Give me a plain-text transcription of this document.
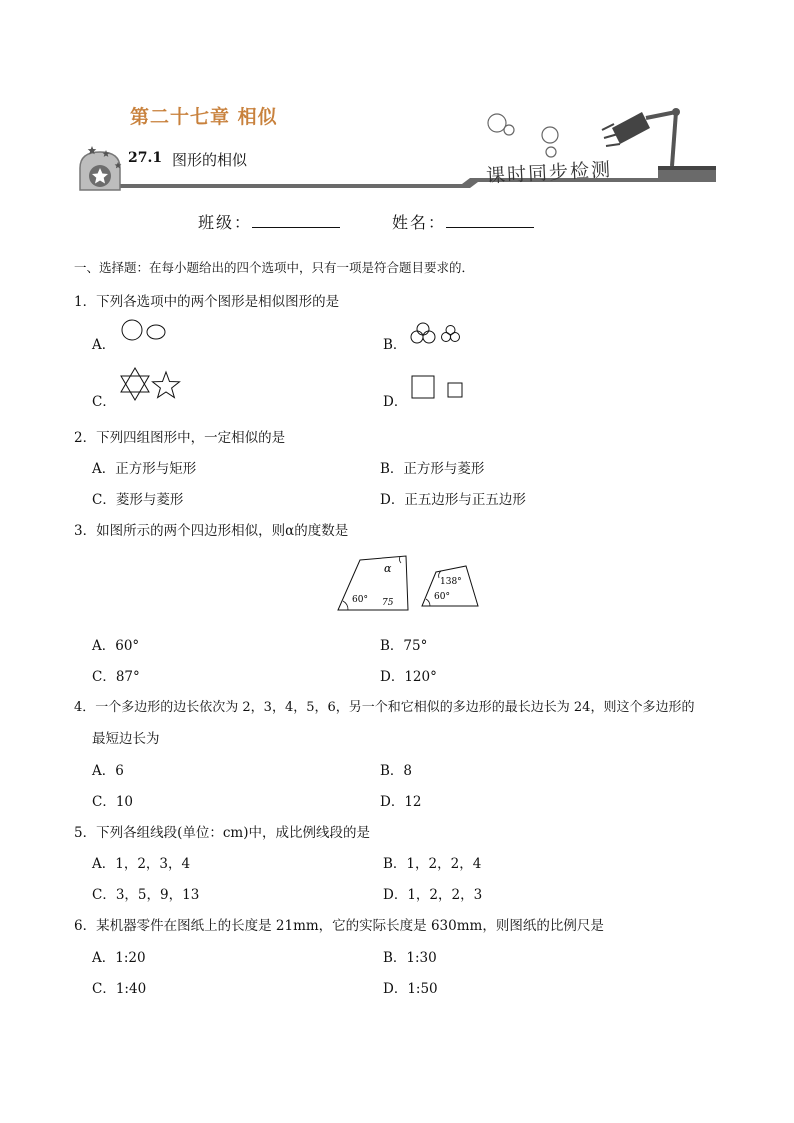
第二十七章 相似
27.1 图形的相似	课时同步检测
班级：	姓名：
一、选择题：在每小题给出的四个选项中，只有一项是符合题目要求的．
1．下列各选项中的两个图形是相似图形的是
A．	B．
C．	D．
2．下列四组图形中，一定相似的是
A．正方形与矩形	B．正方形与菱形
C．菱形与菱形	D．正五边形与正五边形
3．如图所示的两个四边形相似，则α的度数是
α
60° 75
138°
60°
A．60°	B．75°
C．87°	D．120°
4．一个多边形的边长依次为 2，3，4，5，6，另一个和它相似的多边形的最长边长为 24，则这个多边形的
最短边长为
A．6	B．8
C．10	D．12
5．下列各组线段(单位：cm)中，成比例线段的是
A．1，2，3，4	B．1，2，2，4
C．3，5，9，13	D．1，2，2，3
6．某机器零件在图纸上的长度是 21mm，它的实际长度是 630mm，则图纸的比例尺是
A．1:20	B．1:30
C．1:40	D．1:50
